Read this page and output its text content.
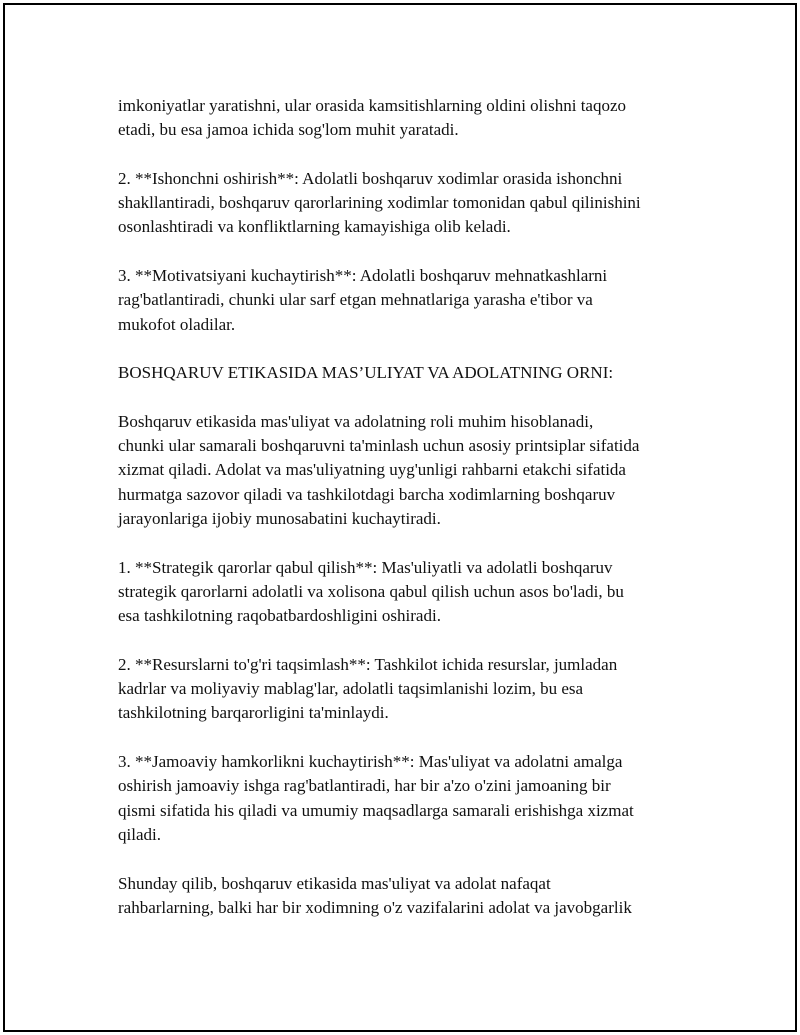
imkoniyatlar yaratishni, ular orasida kamsitishlarning oldini olishni taqozo
etadi, bu esa jamoa ichida sog'lom muhit yaratadi.

2. **Ishonchni oshirish**: Adolatli boshqaruv xodimlar orasida ishonchni
shakllantiradi, boshqaruv qarorlarining xodimlar tomonidan qabul qilinishini
osonlashtiradi va konfliktlarning kamayishiga olib keladi.

3. **Motivatsiyani kuchaytirish**: Adolatli boshqaruv mehnatkashlarni
rag'batlantiradi, chunki ular sarf etgan mehnatlariga yarasha e'tibor va
mukofot oladilar.

BOSHQARUV ETIKASIDA MAS’ULIYAT VA ADOLATNING ORNI:

Boshqaruv etikasida mas'uliyat va adolatning roli muhim hisoblanadi,
chunki ular samarali boshqaruvni ta'minlash uchun asosiy printsiplar sifatida
xizmat qiladi. Adolat va mas'uliyatning uyg'unligi rahbarni etakchi sifatida
hurmatga sazovor qiladi va tashkilotdagi barcha xodimlarning boshqaruv
jarayonlariga ijobiy munosabatini kuchaytiradi.

1. **Strategik qarorlar qabul qilish**: Mas'uliyatli va adolatli boshqaruv
strategik qarorlarni adolatli va xolisona qabul qilish uchun asos bo'ladi, bu
esa tashkilotning raqobatbardoshligini oshiradi.

2. **Resurslarni to'g'ri taqsimlash**: Tashkilot ichida resurslar, jumladan
kadrlar va moliyaviy mablag'lar, adolatli taqsimlanishi lozim, bu esa
tashkilotning barqarorligini ta'minlaydi.

3. **Jamoaviy hamkorlikni kuchaytirish**: Mas'uliyat va adolatni amalga
oshirish jamoaviy ishga rag'batlantiradi, har bir a'zo o'zini jamoaning bir
qismi sifatida his qiladi va umumiy maqsadlarga samarali erishishga xizmat
qiladi.

Shunday qilib, boshqaruv etikasida mas'uliyat va adolat nafaqat
rahbarlarning, balki har bir xodimning o'z vazifalarini adolat va javobgarlik
